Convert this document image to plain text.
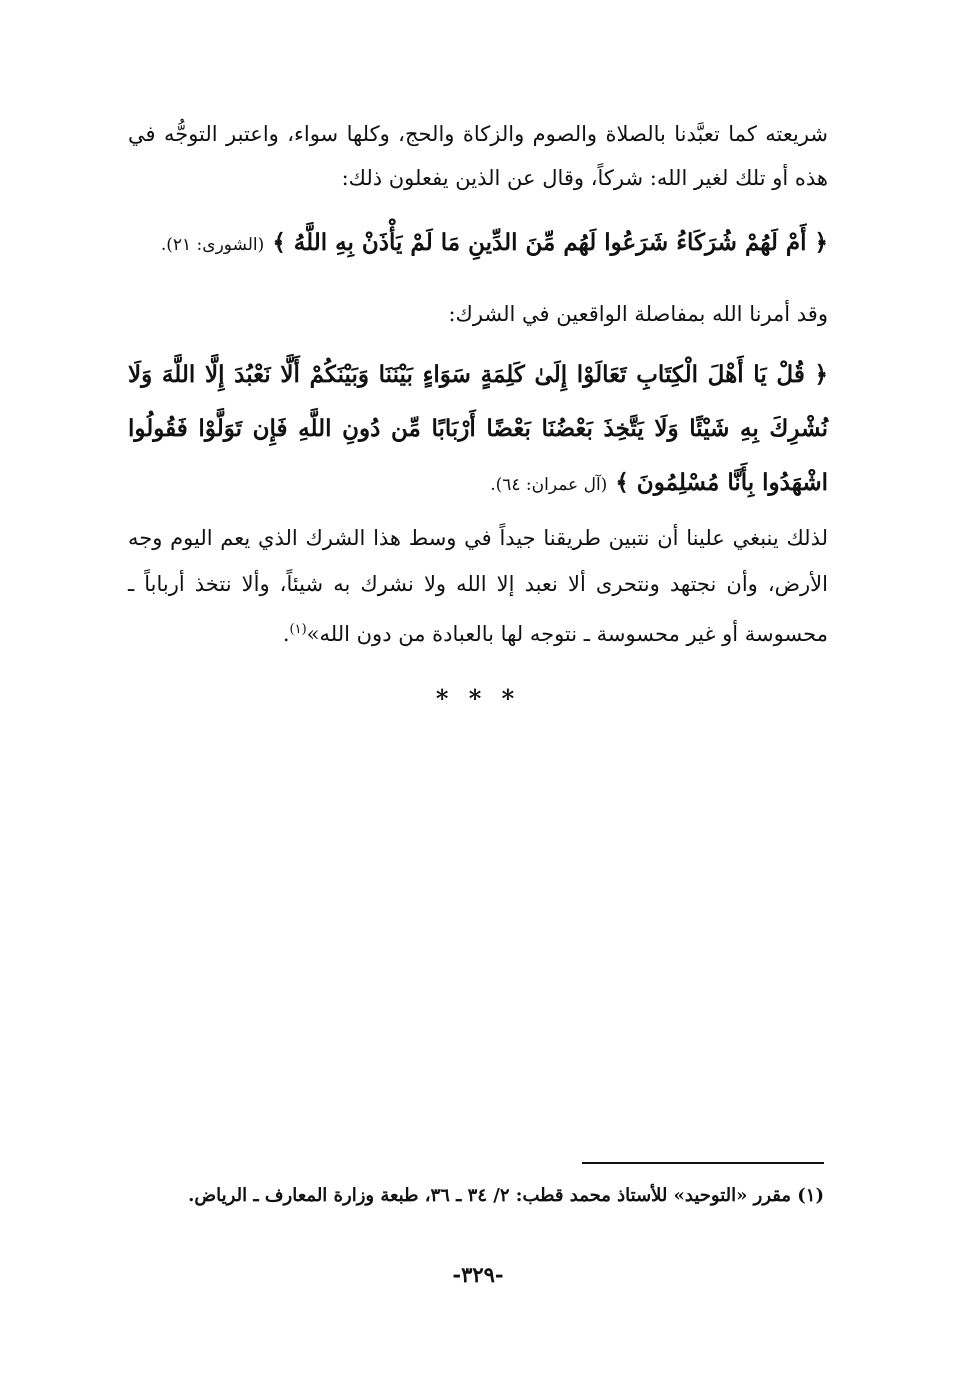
شريعته كما تعبَّدنا بالصلاة والصوم والزكاة والحج، وكلها سواء، واعتبر التوجُّه في هذه أو تلك لغير الله: شركاً، وقال عن الذين يفعلون ذلك:
﴿ أَمْ لَهُمْ شُرَكَاءُ شَرَعُوا لَهُم مِّنَ الدِّينِ مَا لَمْ يَأْذَنْ بِهِ اللَّهُ ﴾ (الشورى: ٢١).
وقد أمرنا الله بمفاصلة الواقعين في الشرك:
﴿ قُلْ يَا أَهْلَ الْكِتَابِ تَعَالَوْا إِلَىٰ كَلِمَةٍ سَوَاءٍ بَيْنَنَا وَبَيْنَكُمْ أَلَّا نَعْبُدَ إِلَّا اللَّهَ وَلَا نُشْرِكَ بِهِ شَيْئًا وَلَا يَتَّخِذَ بَعْضُنَا بَعْضًا أَرْبَابًا مِّن دُونِ اللَّهِ فَإِن تَوَلَّوْا فَقُولُوا اشْهَدُوا بِأَنَّا مُسْلِمُونَ ﴾ (آل عمران: ٦٤).
لذلك ينبغي علينا أن نتبين طريقنا جيداً في وسط هذا الشرك الذي يعم اليوم وجه الأرض، وأن نجتهد ونتحرى ألا نعبد إلا الله ولا نشرك به شيئاً، وألا نتخذ أرباباً ـ محسوسة أو غير محسوسة ـ نتوجه لها بالعبادة من دون الله»$^{(١)}$.
* * *
(١) مقرر «التوحيد» للأستاذ محمد قطب: ٢/ ٣٤ ـ ٣٦، طبعة وزارة المعارف ـ الرياض.
-٣٢٩-
